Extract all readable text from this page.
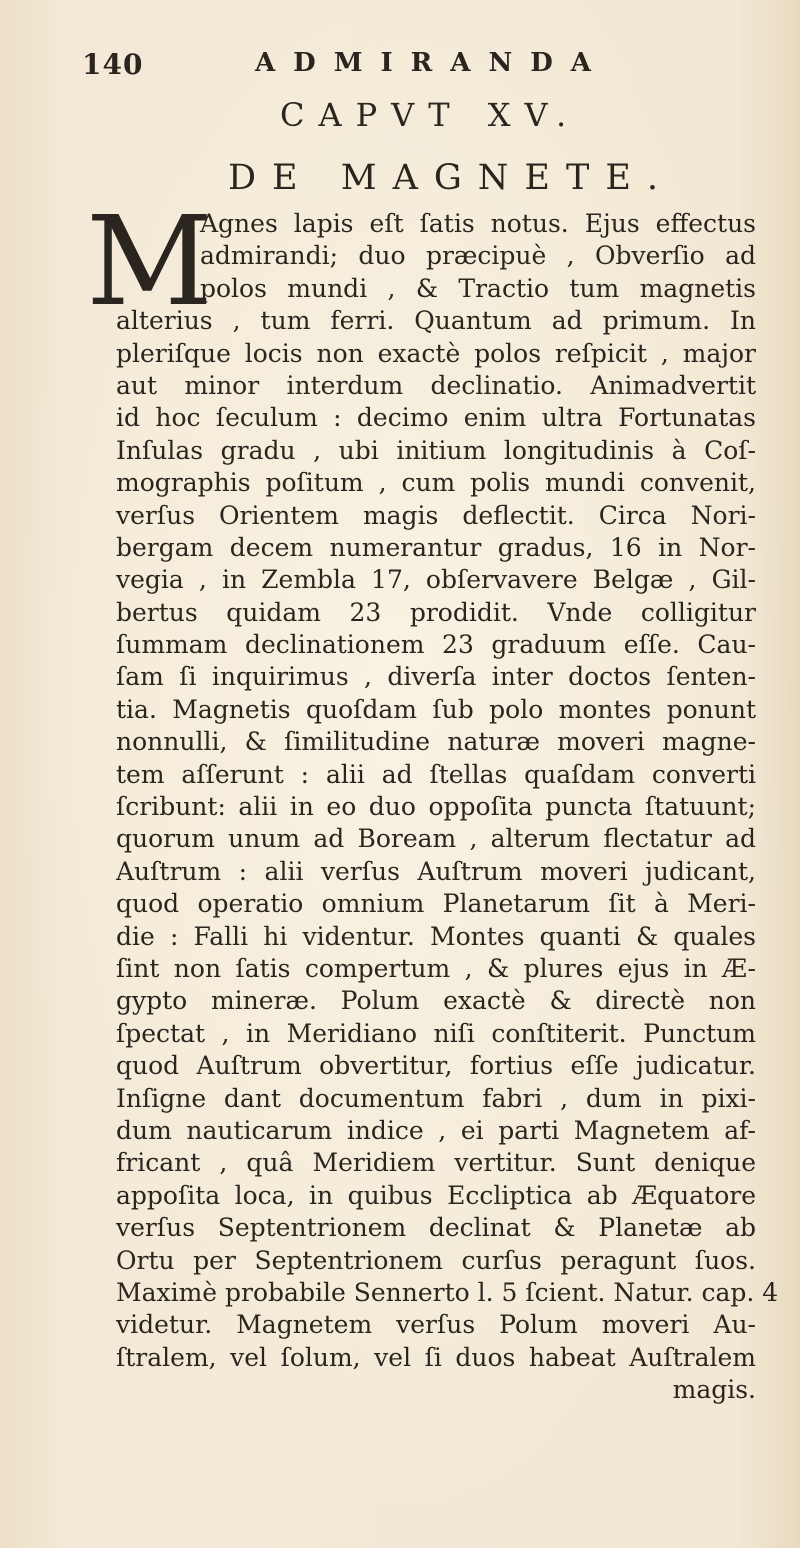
140	ADMIRANDA
CAPVT XV.
DE MAGNETE.
M
Agnes lapis eſt ſatis notus. Ejus effectus
admirandi; duo præcipuè , Obverſio ad
polos mundi , & Tractio tum magnetis
alterius , tum ferri. Quantum ad primum. In
pleriſque locis non exactè polos reſpicit , major
aut minor interdum declinatio. Animadvertit
id hoc ſeculum : decimo enim ultra Fortunatas
Inſulas gradu , ubi initium longitudinis à Coſ-
mographis poſitum , cum polis mundi convenit,
verſus Orientem magis deflectit. Circa Nori-
bergam decem numerantur gradus, 16 in Nor-
vegia , in Zembla 17, obſervavere Belgæ , Gil-
bertus quidam 23 prodidit. Vnde colligitur
ſummam declinationem 23 graduum eſſe. Cau-
ſam ſi inquirimus , diverſa inter doctos ſenten-
tia. Magnetis quoſdam ſub polo montes ponunt
nonnulli, & ſimilitudine naturæ moveri magne-
tem aſſerunt : alii ad ſtellas quaſdam converti
ſcribunt: alii in eo duo oppoſita puncta ſtatuunt;
quorum unum ad Boream , alterum flectatur ad
Auſtrum : alii verſus Auſtrum moveri judicant,
quod operatio omnium Planetarum ſit à Meri-
die : Falli hi videntur. Montes quanti & quales
ſint non ſatis compertum , & plures ejus in Æ-
gypto mineræ. Polum exactè & directè non
ſpectat , in Meridiano niſi conſtiterit. Punctum
quod Auſtrum obvertitur, fortius eſſe judicatur.
Inſigne dant documentum fabri , dum in pixi-
dum nauticarum indice , ei parti Magnetem af-
fricant , quâ Meridiem vertitur. Sunt denique
appoſita loca, in quibus Eccliptica ab Æquatore
verſus Septentrionem declinat & Planetæ ab
Ortu per Septentrionem curſus peragunt ſuos.
Maximè probabile Sennerto l. 5 ſcient. Natur. cap. 4
videtur. Magnetem verſus Polum moveri Au-
ſtralem, vel ſolum, vel ſi duos habeat Auſtralem
magis.
